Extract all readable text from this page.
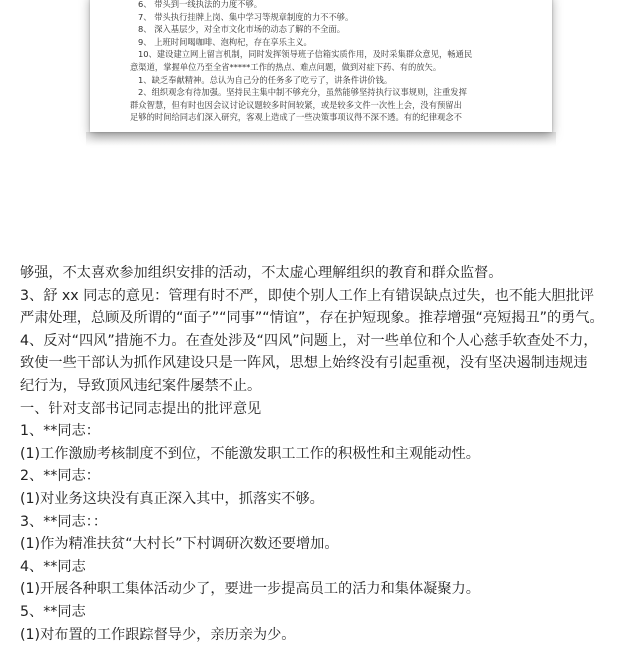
6、 带头到一线执法的力度不够。
7、 带头执行挂牌上岗、集中学习等规章制度的力不不够。
8、 深入基层少，对全市文化市场的动态了解的不全面。
9、 上班时间喝咖啡、泡枸杞，存在享乐主义。
10、建设建立网上留言机制，同时发挥领导班子信箱实质作用，及时采集群众意见，畅通民
意渠道，掌握单位乃至全省*****工作的热点、难点问题，做到对症下药、有的放矢。
1、缺乏奉献精神。总认为自己分的任务多了吃亏了，讲条件讲价钱。
2、组织观念有待加强。坚持民主集中制不够充分，虽然能够坚持执行议事规则，注重发挥
群众智慧，但有时也因会议讨论议题较多时间较紧，或是较多文件一次性上会，没有预留出
足够的时间给同志们深入研究，客观上造成了一些决策事项议得不深不透。有的纪律观念不
够强，不太喜欢参加组织安排的活动，不太虚心理解组织的教育和群众监督。
3、舒 xx 同志的意见：管理有时不严，即使个别人工作上有错误缺点过失，也不能大胆批评
严肃处理，总顾及所谓的“面子”“同事”“情谊”，存在护短现象。推荐增强“亮短揭丑”的勇气。
4、反对“四风”措施不力。在查处涉及“四风”问题上，对一些单位和个人心慈手软查处不力，
致使一些干部认为抓作风建设只是一阵风，思想上始终没有引起重视，没有坚决遏制违规违
纪行为，导致顶风违纪案件屡禁不止。
一、针对支部书记同志提出的批评意见
1、**同志：
(1)工作激励考核制度不到位，不能激发职工工作的积极性和主观能动性。
2、**同志：
(1)对业务这块没有真正深入其中，抓落实不够。
3、**同志：：
(1)作为精准扶贫“大村长”下村调研次数还要增加。
4、**同志
(1)开展各种职工集体活动少了，要进一步提高员工的活力和集体凝聚力。
5、**同志
(1)对布置的工作跟踪督导少，亲历亲为少。
